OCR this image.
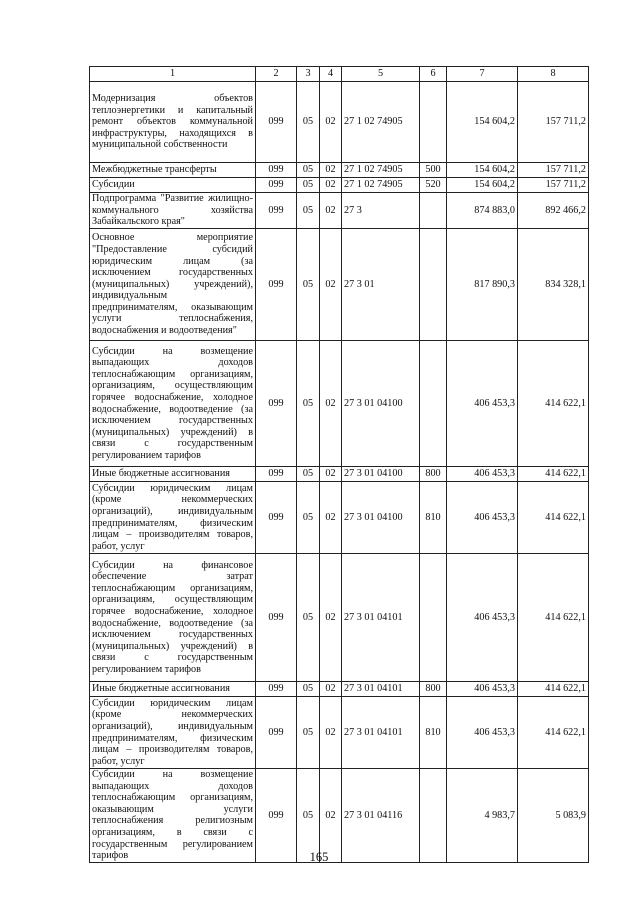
1	2	3	4	5	6	7	8
Модернизация объектов теплоэнергетики и капитальный ремонт объектов коммунальной инфраструктуры, находящихся в муниципальной собственности	099	05	02	27 1 02 74905		154 604,2	157 711,2
Межбюджетные трансферты	099	05	02	27 1 02 74905	500	154 604,2	157 711,2
Субсидии	099	05	02	27 1 02 74905	520	154 604,2	157 711,2
Подпрограмма "Развитие жилищно-коммунального хозяйства Забайкальского края"	099	05	02	27 3		874 883,0	892 466,2
Основное мероприятие "Предоставление субсидий юридическим лицам (за исключением государственных (муниципальных) учреждений), индивидуальным предпринимателям, оказывающим услуги теплоснабжения, водоснабжения и водоотведения"	099	05	02	27 3 01		817 890,3	834 328,1
Субсидии на возмещение выпадающих доходов теплоснабжающим организациям, организациям, осуществляющим горячее водоснабжение, холодное водоснабжение, водоотведение (за исключением государственных (муниципальных) учреждений) в связи с государственным регулированием тарифов	099	05	02	27 3 01 04100		406 453,3	414 622,1
Иные бюджетные ассигнования	099	05	02	27 3 01 04100	800	406 453,3	414 622,1
Субсидии юридическим лицам (кроме некоммерческих организаций), индивидуальным предпринимателям, физическим лицам – производителям товаров, работ, услуг	099	05	02	27 3 01 04100	810	406 453,3	414 622,1
Субсидии на финансовое обеспечение затрат теплоснабжающим организациям, организациям, осуществляющим горячее водоснабжение, холодное водоснабжение, водоотведение (за исключением государственных (муниципальных) учреждений) в связи с государственным регулированием тарифов	099	05	02	27 3 01 04101		406 453,3	414 622,1
Иные бюджетные ассигнования	099	05	02	27 3 01 04101	800	406 453,3	414 622,1
Субсидии юридическим лицам (кроме некоммерческих организаций), индивидуальным предпринимателям, физическим лицам – производителям товаров, работ, услуг	099	05	02	27 3 01 04101	810	406 453,3	414 622,1
Субсидии на возмещение выпадающих доходов теплоснабжающим организациям, оказывающим услуги теплоснабжения религиозным организациям, в связи с государственным регулированием тарифов	099	05	02	27 3 01 04116		4 983,7	5 083,9
165
